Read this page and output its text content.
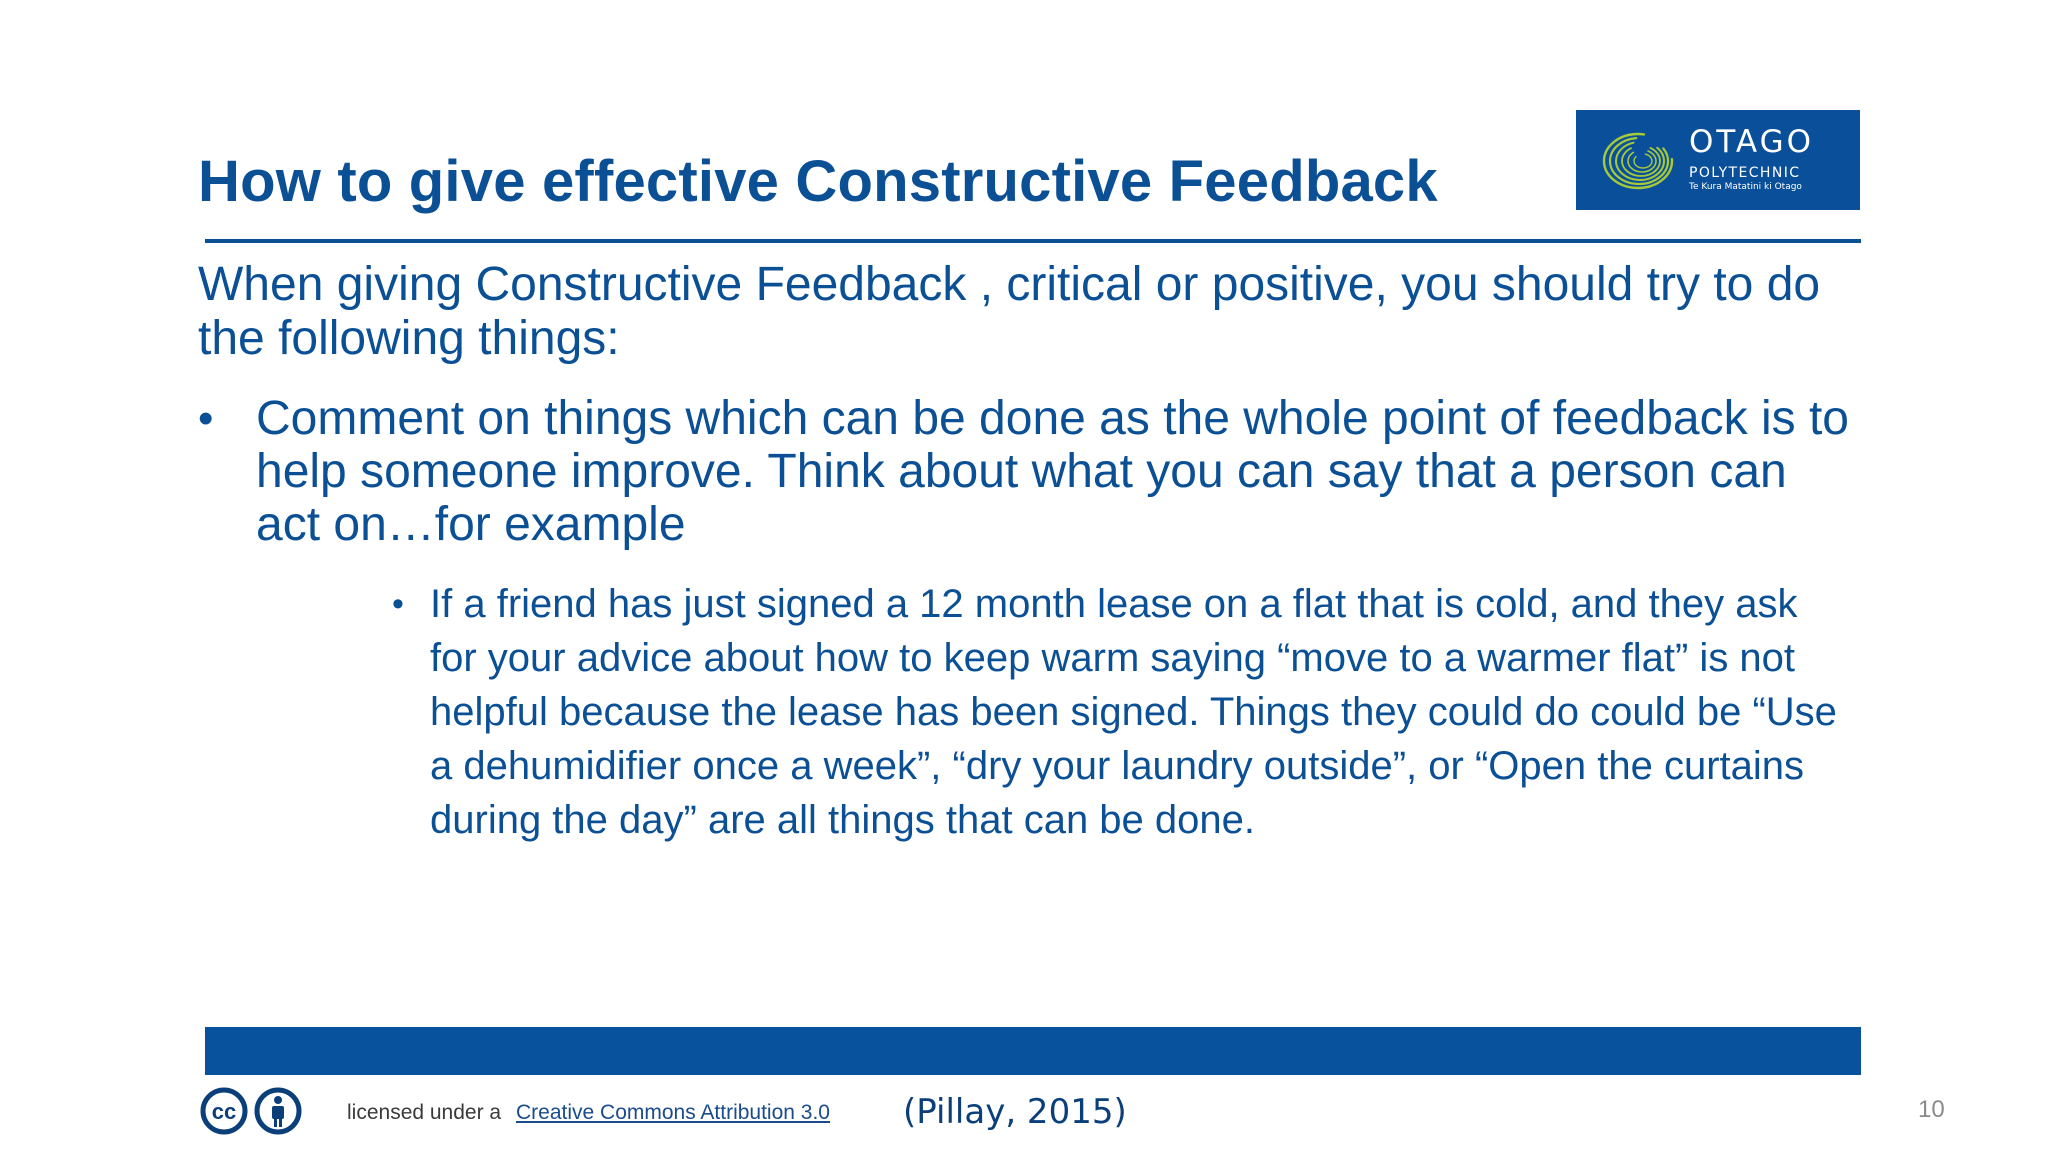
How to give effective Constructive Feedback
OTAGO
POLYTECHNIC
Te Kura Matatini ki Otago

When giving Constructive Feedback , critical or positive, you should try to do the following things:

• Comment on things which can be done as the whole point of feedback is to help someone improve. Think about what you can say that a person can act on…for example
• If a friend has just signed a 12 month lease on a flat that is cold, and they ask for your advice about how to keep warm saying “move to a warmer flat” is not helpful because the lease has been signed. Things they could do could be “Use a dehumidifier once a week”, “dry your laundry outside”, or “Open the curtains during the day” are all things that can be done.
cc	licensed under a Creative Commons Attribution 3.0 (Pillay, 2015)	10
